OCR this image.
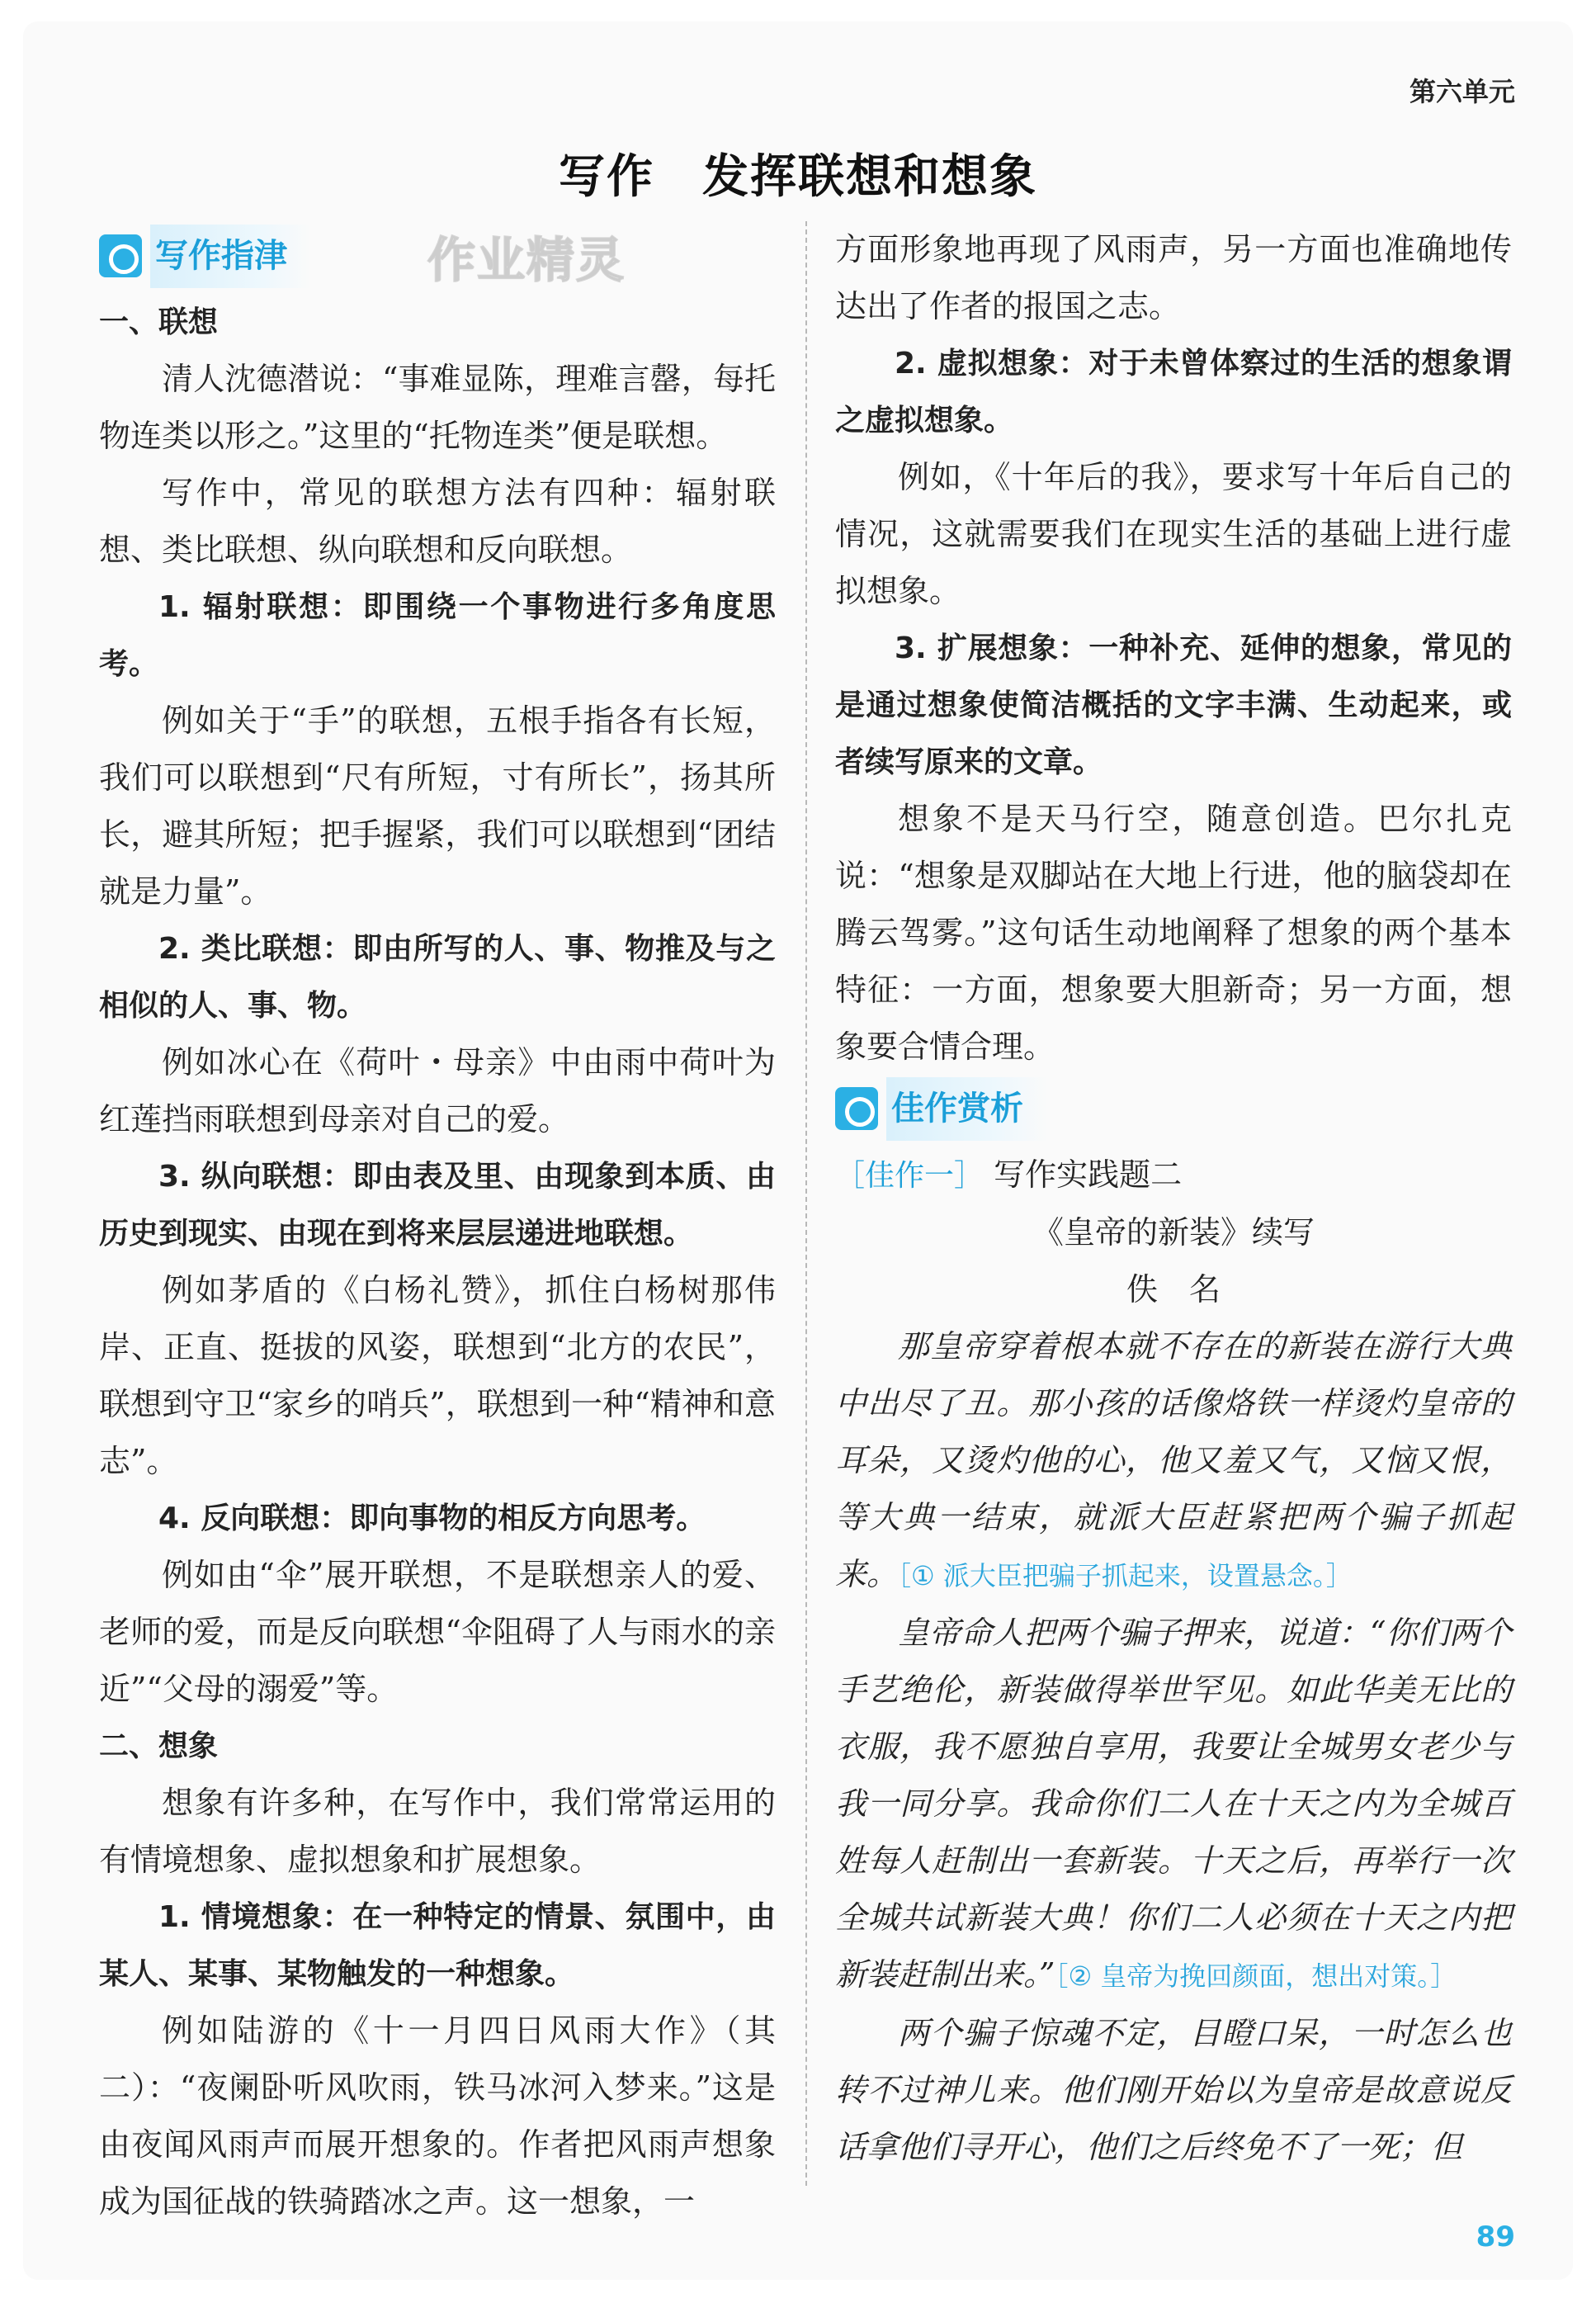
第六单元
写作　发挥联想和想象
作业精灵
写作指津
一、联想
清人沈德潜说：“事难显陈，理难言罄，每托物连类以形之。”这里的“托物连类”便是联想。
写作中，常见的联想方法有四种：辐射联想、类比联想、纵向联想和反向联想。
1. 辐射联想：即围绕一个事物进行多角度思考。
例如关于“手”的联想，五根手指各有长短，我们可以联想到“尺有所短，寸有所长”，扬其所长，避其所短；把手握紧，我们可以联想到“团结就是力量”。
2. 类比联想：即由所写的人、事、物推及与之相似的人、事、物。
例如冰心在《荷叶・母亲》中由雨中荷叶为红莲挡雨联想到母亲对自己的爱。
3. 纵向联想：即由表及里、由现象到本质、由历史到现实、由现在到将来层层递进地联想。
例如茅盾的《白杨礼赞》，抓住白杨树那伟岸、正直、挺拔的风姿，联想到“北方的农民”，联想到守卫“家乡的哨兵”，联想到一种“精神和意志”。
4. 反向联想：即向事物的相反方向思考。
例如由“伞”展开联想，不是联想亲人的爱、老师的爱，而是反向联想“伞阻碍了人与雨水的亲近”“父母的溺爱”等。
二、想象
想象有许多种，在写作中，我们常常运用的有情境想象、虚拟想象和扩展想象。
1. 情境想象：在一种特定的情景、氛围中，由某人、某事、某物触发的一种想象。
例如陆游的《十一月四日风雨大作》（其二）：“夜阑卧听风吹雨，铁马冰河入梦来。”这是由夜闻风雨声而展开想象的。作者把风雨声想象成为国征战的铁骑踏冰之声。这一想象，一
方面形象地再现了风雨声，另一方面也准确地传达出了作者的报国之志。
2. 虚拟想象：对于未曾体察过的生活的想象谓之虚拟想象。
例如，《十年后的我》，要求写十年后自己的情况，这就需要我们在现实生活的基础上进行虚拟想象。
3. 扩展想象：一种补充、延伸的想象，常见的是通过想象使简洁概括的文字丰满、生动起来，或者续写原来的文章。
想象不是天马行空，随意创造。巴尔扎克说：“想象是双脚站在大地上行进，他的脑袋却在腾云驾雾。”这句话生动地阐释了想象的两个基本特征：一方面，想象要大胆新奇；另一方面，想象要合情合理。
佳作赏析
［佳作一］ 写作实践题二
《皇帝的新装》续写
佚　名
那皇帝穿着根本就不存在的新装在游行大典中出尽了丑。那小孩的话像烙铁一样烫灼皇帝的耳朵，又烫灼他的心，他又羞又气，又恼又恨，等大典一结束，就派大臣赶紧把两个骗子抓起来。［① 派大臣把骗子抓起来，设置悬念。］
皇帝命人把两个骗子押来，说道：“你们两个手艺绝伦，新装做得举世罕见。如此华美无比的衣服，我不愿独自享用，我要让全城男女老少与我一同分享。我命你们二人在十天之内为全城百姓每人赶制出一套新装。十天之后，再举行一次全城共试新装大典！你们二人必须在十天之内把新装赶制出来。”［② 皇帝为挽回颜面，想出对策。］
两个骗子惊魂不定，目瞪口呆，一时怎么也转不过神儿来。他们刚开始以为皇帝是故意说反话拿他们寻开心，他们之后终免不了一死；但
89
